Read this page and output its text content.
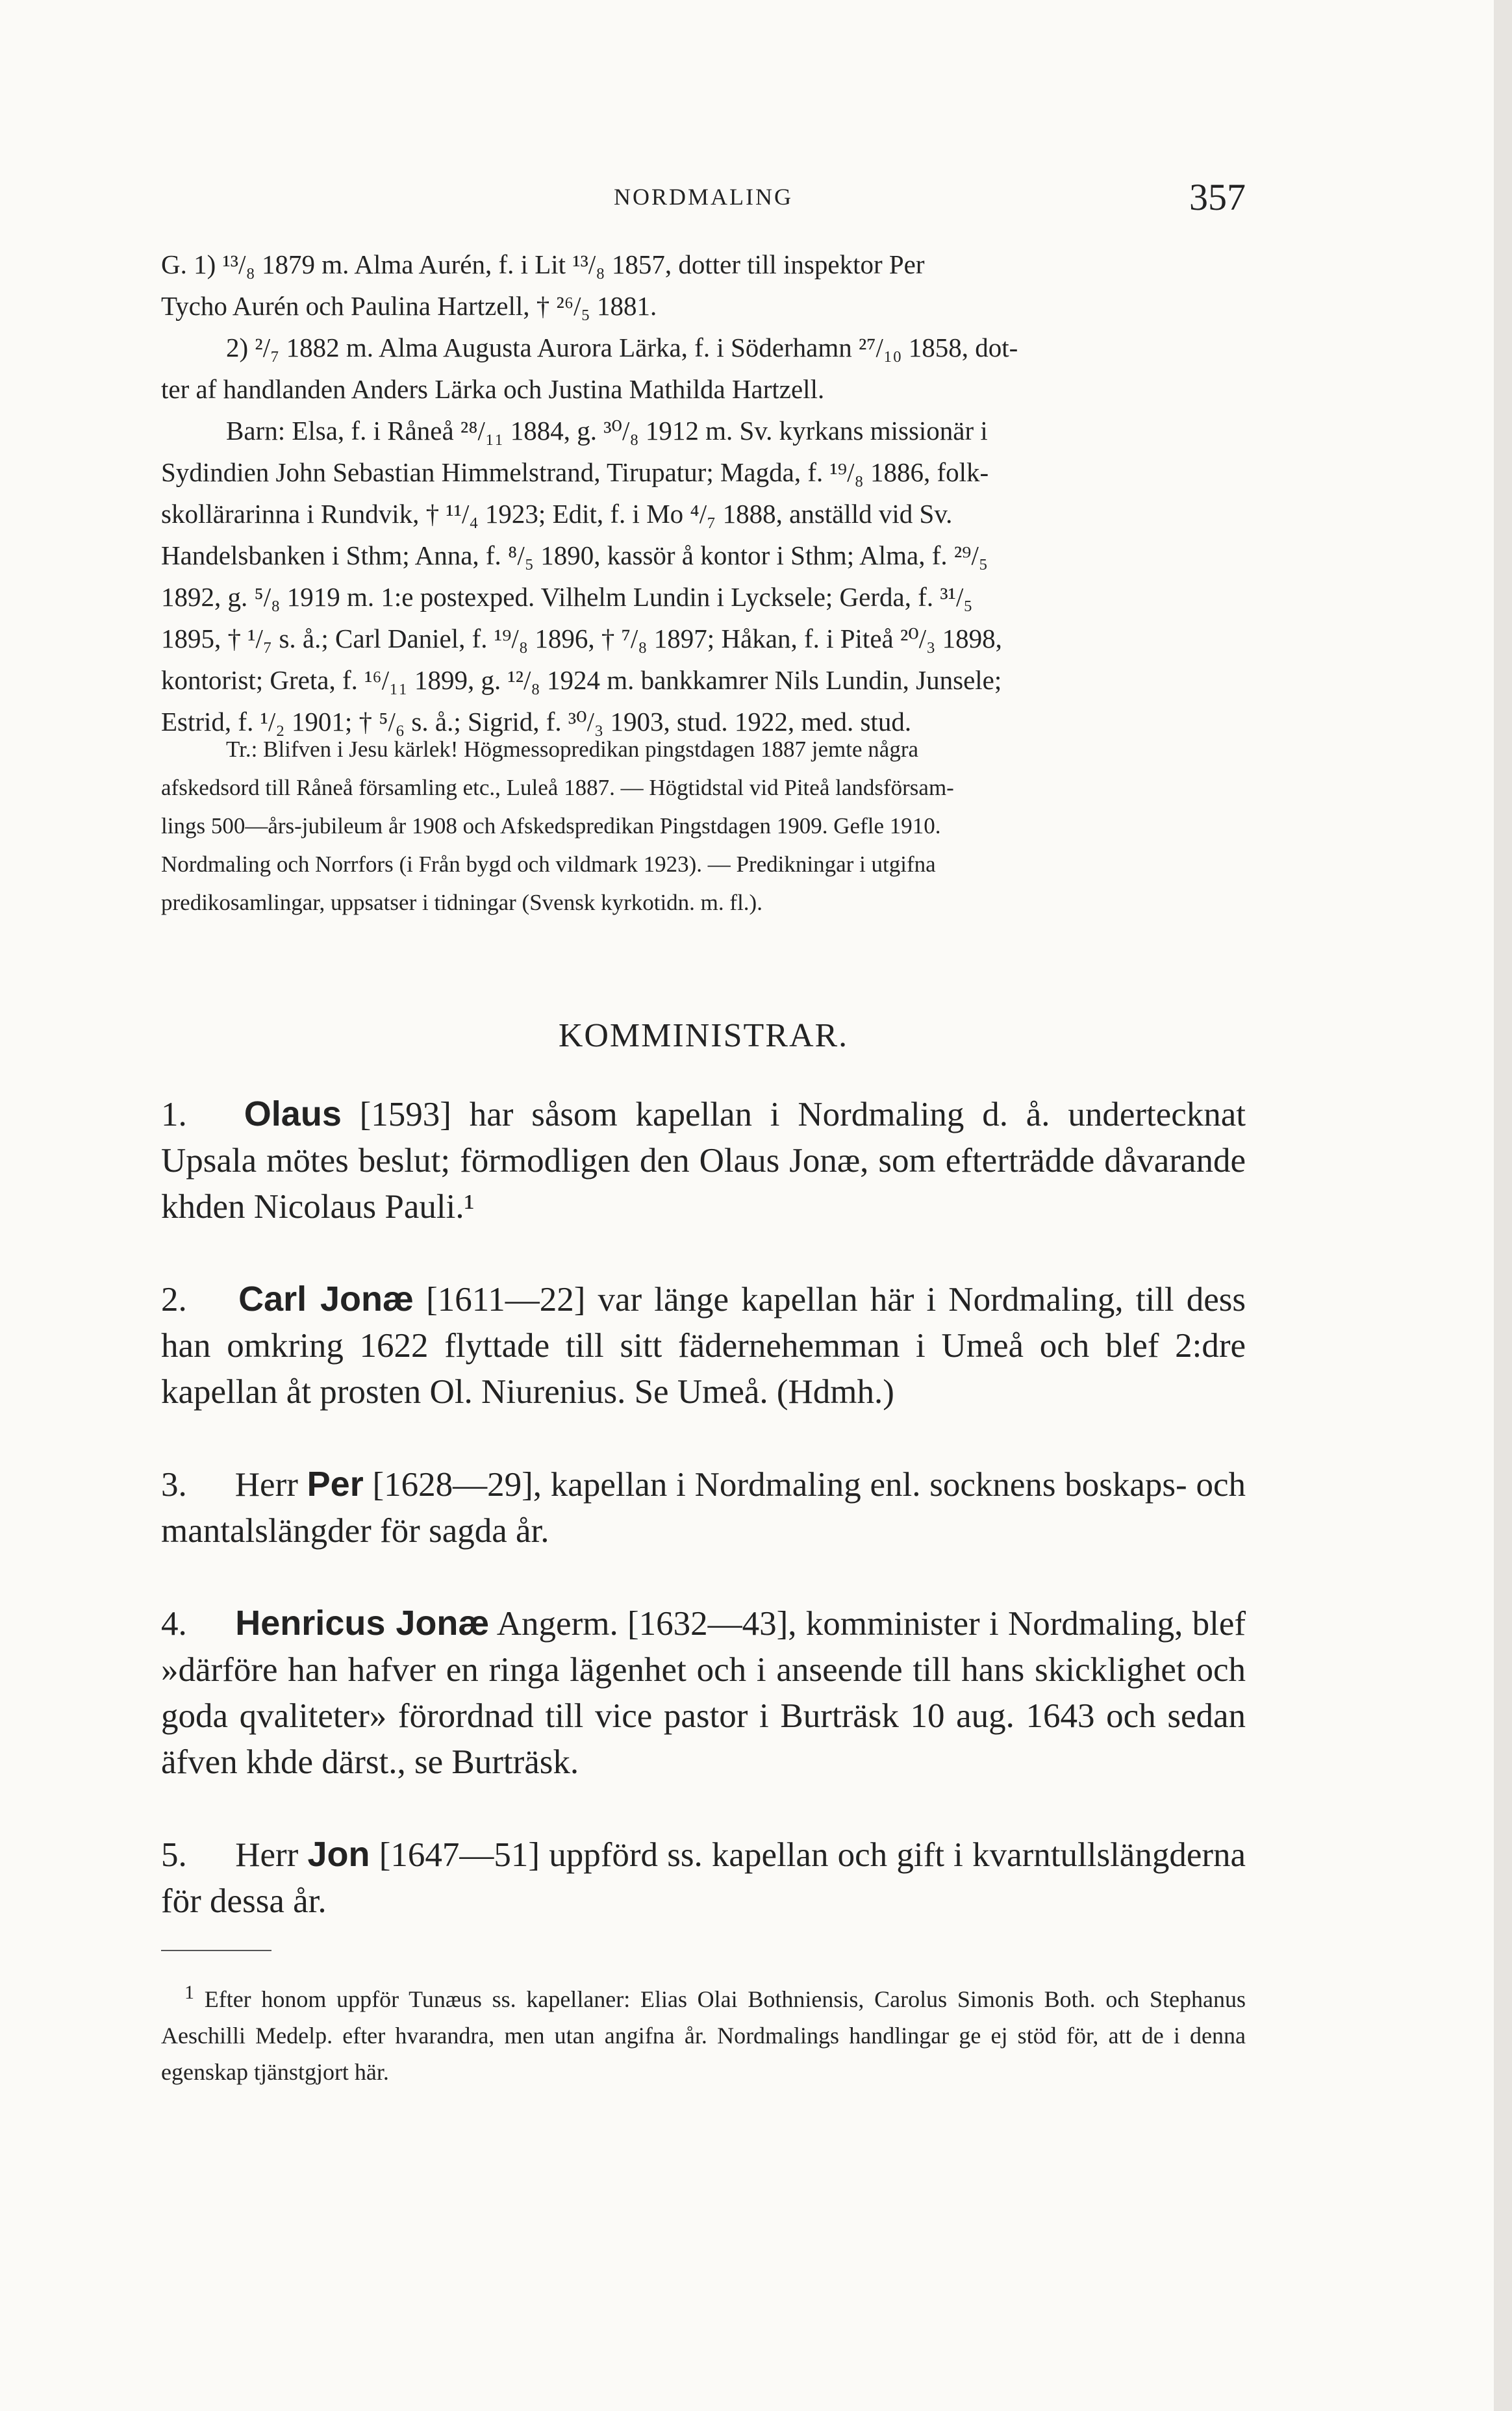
NORDMALING	357

G. 1) ¹³/₈ 1879 m. Alma Aurén, f. i Lit ¹³/₈ 1857, dotter till inspektor Per

Tycho Aurén och Paulina Hartzell, † ²⁶/₅ 1881.

2) ²/₇ 1882 m. Alma Augusta Aurora Lärka, f. i Söderhamn ²⁷/₁₀ 1858, dot-

ter af handlanden Anders Lärka och Justina Mathilda Hartzell.

Barn: Elsa, f. i Råneå ²⁸/₁₁ 1884, g. ³⁰/₈ 1912 m. Sv. kyrkans missionär i

Sydindien John Sebastian Himmelstrand, Tirupatur; Magda, f. ¹⁹/₈ 1886, folk-

skollärarinna i Rundvik, † ¹¹/₄ 1923; Edit, f. i Mo ⁴/₇ 1888, anställd vid Sv.

Handelsbanken i Sthm; Anna, f. ⁸/₅ 1890, kassör å kontor i Sthm; Alma, f. ²⁹/₅

1892, g. ⁵/₈ 1919 m. 1:e postexped. Vilhelm Lundin i Lycksele; Gerda, f. ³¹/₅

1895, † ¹/₇ s. å.; Carl Daniel, f. ¹⁹/₈ 1896, † ⁷/₈ 1897; Håkan, f. i Piteå ²⁰/₃ 1898,

kontorist; Greta, f. ¹⁶/₁₁ 1899, g. ¹²/₈ 1924 m. bankkamrer Nils Lundin, Junsele;

Estrid, f. ¹/₂ 1901; † ⁵/₆ s. å.; Sigrid, f. ³⁰/₃ 1903, stud. 1922, med. stud.

Tr.: Blifven i Jesu kärlek! Högmessopredikan pingstdagen 1887 jemte några

afskedsord till Råneå församling etc., Luleå 1887. — Högtidstal vid Piteå landsförsam-

lings 500—års-jubileum år 1908 och Afskedspredikan Pingstdagen 1909. Gefle 1910.

Nordmaling och Norrfors (i Från bygd och vildmark 1923). — Predikningar i utgifna

predikosamlingar, uppsatser i tidningar (Svensk kyrkotidn. m. fl.).

KOMMINISTRAR.

1. Olaus [1593] har såsom kapellan i Nordmaling d. å. undertecknat Upsala mötes beslut; förmodligen den Olaus Jonæ, som efterträdde dåvarande khden Nicolaus Pauli.¹

2. Carl Jonæ [1611—22] var länge kapellan här i Nordmaling, till dess han omkring 1622 flyttade till sitt fädernehemman i Umeå och blef 2:dre kapellan åt prosten Ol. Niurenius. Se Umeå. (Hdmh.)

3. Herr Per [1628—29], kapellan i Nordmaling enl. socknens boskaps- och mantalslängder för sagda år.

4. Henricus Jonæ Angerm. [1632—43], komminister i Nordmaling, blef »därföre han hafver en ringa lägenhet och i anseende till hans skicklighet och goda qvaliteter» förordnad till vice pastor i Burträsk 10 aug. 1643 och sedan äfven khde därst., se Burträsk.

5. Herr Jon [1647—51] uppförd ss. kapellan och gift i kvarntullslängderna för dessa år.

$^1$ Efter honom uppför Tunæus ss. kapellaner: Elias Olai Bothniensis, Carolus Simonis Both. och Stephanus Aeschilli Medelp. efter hvarandra, men utan angifna år. Nordmalings handlingar ge ej stöd för, att de i denna egenskap tjänstgjort här.
